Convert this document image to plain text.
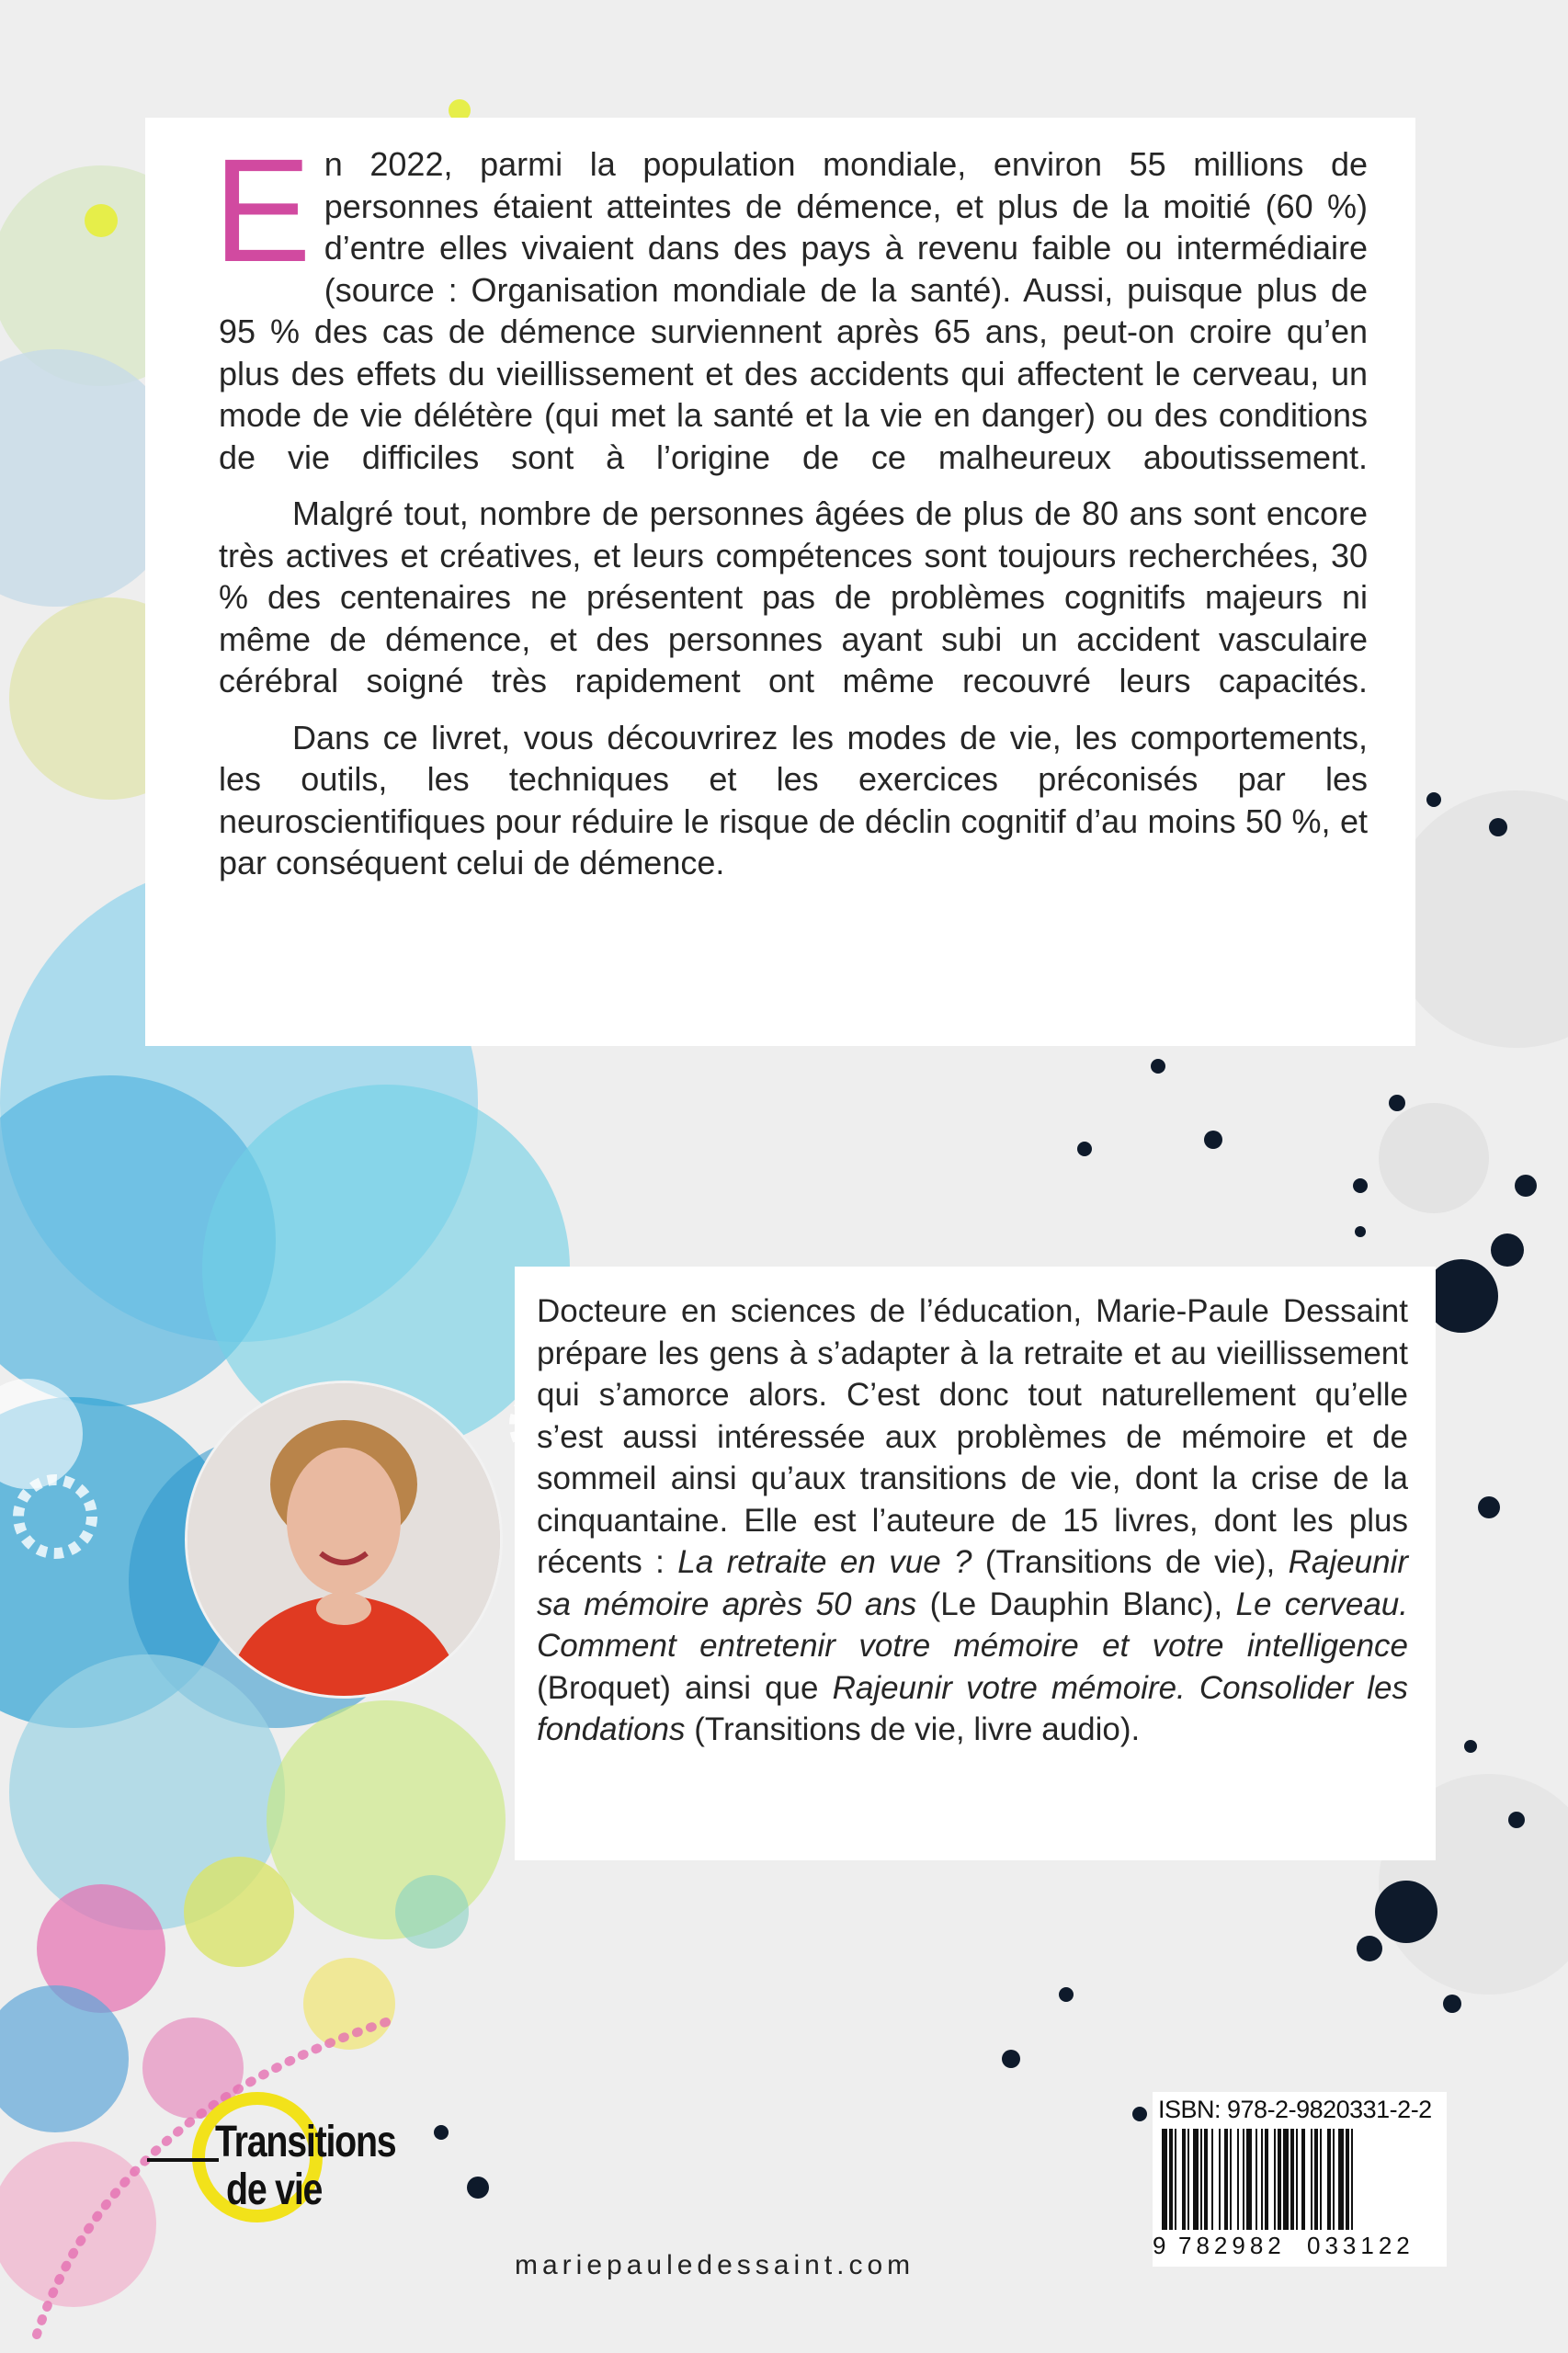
En 2022, parmi la population mondiale, environ 55 millions de personnes étaient atteintes de démence, et plus de la moitié (60 %) d’entre elles vivaient dans des pays à revenu faible ou intermédiaire (source : Organisation mondiale de la santé). Aussi, puisque plus de 95 % des cas de démence surviennent après 65 ans, peut-on croire qu’en plus des effets du vieillissement et des accidents qui affectent le cerveau, un mode de vie délétère (qui met la santé et la vie en danger) ou des conditions de vie difficiles sont à l’origine de ce malheureux aboutissement.

Malgré tout, nombre de personnes âgées de plus de 80 ans sont encore très actives et créatives, et leurs compétences sont toujours recherchées, 30 % des centenaires ne présentent pas de problèmes cognitifs majeurs ni même de démence, et des personnes ayant subi un accident vasculaire cérébral soigné très rapidement ont même recouvré leurs capacités.

Dans ce livret, vous découvrirez les modes de vie, les comportements, les outils, les techniques et les exercices préconisés par les neuroscientifiques pour réduire le risque de déclin cognitif d’au moins 50 %, et par conséquent celui de démence.

Docteure en sciences de l’éducation, Marie-Paule Dessaint prépare les gens à s’adapter à la retraite et au vieillissement qui s’amorce alors. C’est donc tout naturellement qu’elle s’est aussi intéressée aux problèmes de mémoire et de sommeil ainsi qu’aux transitions de vie, dont la crise de la cinquantaine. Elle est l’auteure de 15 livres, dont les plus récents : La retraite en vue ? (Transitions de vie), Rajeunir sa mémoire après 50 ans (Le Dauphin Blanc), Le cerveau. Comment entretenir votre mémoire et votre intelligence (Broquet) ainsi que Rajeunir votre mémoire. Consolider les fondations (Transitions de vie, livre audio).

Transitions
de vie
mariepauledessaint.com
ISBN: 978-2-9820331-2-2
9 782982 033122
